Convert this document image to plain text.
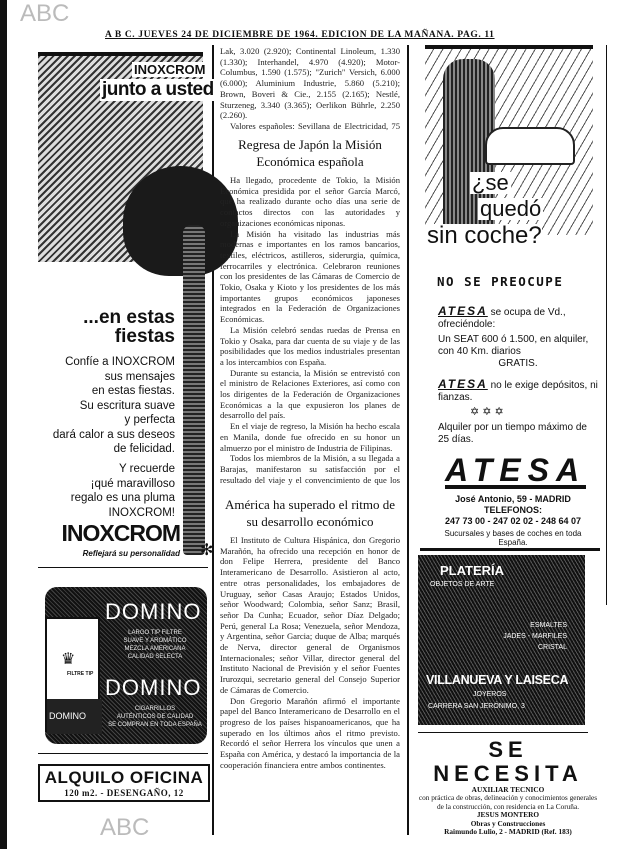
A B C. JUEVES 24 DE DICIEMBRE DE 1964. EDICION DE LA MAÑANA. PAG. 11
INOXCROM
junto a usted
...en estas fiestas
Confíe a INOXCROM
sus mensajes
en estas fiestas.
Su escritura suave
y perfecta
dará calor a sus deseos
de felicidad.
Y recuerde
¡qué maravilloso
regalo es una pluma
INOXCROM!
INOXCROM
Reflejará su personalidad ✻
♛
FILTRE TIP
DOMINO
DOMINO
LARGO TIP FILTRE
SUAVE Y AROMÁTICO
MEZCLA AMERICANA
CALIDAD SELECTA
DOMINO
CIGARRILLOS
AUTÉNTICOS DE CALIDAD
SE COMPRAN EN TODA ESPAÑA
ALQUILO OFICINA
120 m2. - DESENGAÑO, 12
Lak, 3.020 (2.920); Continental Linoleum, 1.330 (1.330); Interhandel, 4.970 (4.920); Motor-Columbus, 1.590 (1.575); "Zurich" Versich, 6.000 (6.000); Aluminium Industrie, 5.860 (5.210); Brown, Boveri & Cie., 2.155 (2.165); Nestlé, Sturzeneg, 3.340 (3.365); Oerlikon Bührle, 2.250 (2.260).

Valores españoles: Sevillana de Electricidad, 75

Regresa de Japón la Misión Económica española

Ha llegado, procedente de Tokio, la Misión Económica presidida por el señor García Marcó, que ha realizado durante ocho días una serie de contactos directos con las autoridades y organizaciones económicas niponas.

La Misión ha visitado las industrias más modernas e importantes en los ramos bancarios, textiles, eléctricos, astilleros, siderurgia, química, ferrocarriles y electrónica. Celebraron reuniones con los presidentes de las Cámaras de Comercio de Tokio, Osaka y Kioto y los presidentes de los más importantes grupos económicos japoneses integrados en la Federación de Organizaciones Económicas.

La Misión celebró sendas ruedas de Prensa en Tokio y Osaka, para dar cuenta de su viaje y de las posibilidades que los medios industriales presentan a los intercambios con España.

Durante su estancia, la Misión se entrevistó con el ministro de Relaciones Exteriores, así como con los dirigentes de la Federación de Organizaciones Económicas a la que expusieron los planes de desarrollo del país.

En el viaje de regreso, la Misión ha hecho escala en Manila, donde fue ofrecido en su honor un almuerzo por el ministro de Industria de Filipinas.

Todos los miembros de la Misión, a su llegada a Barajas, manifestaron su satisfacción por el resultado del viaje y el convencimiento de que los

América ha superado el ritmo de su desarrollo económico

El Instituto de Cultura Hispánica, don Gregorio Marañón, ha ofrecido una recepción en honor de don Felipe Herrera, presidente del Banco Interamericano de Desarrollo. Asistieron al acto, entre otras personalidades, los embajadores de Uruguay, señor Casas Araujo; Estados Unidos, señor Woodward; Colombia, señor Sanz; Brasil, señor Da Cunha; Ecuador, señor Díaz Delgado; Perú, general La Rosa; Venezuela, señor Mendoza, y Argentina, señor Garcia; duque de Alba; marqués de Nerva, director general de Organismos Internacionales; señor Villar, director general del Instituto Nacional de Previsión y el señor Fuentes Irurozqui, secretario general del Consejo Superior de Cámaras de Comercio.

Don Gregorio Marañón afirmó el importante papel del Banco Interamericano de Desarrollo en el progreso de los países hispanoamericanos, que ha superado en los últimos años el ritmo previsto. Recordó el señor Herrera los vínculos que unen a España con América, y destacó la importancia de la cooperación financiera entre ambos continentes.

¿se
quedó
sin coche?
NO SE PREOCUPE
ATESA se ocupa de Vd., ofreciéndole:
Un SEAT 600 ó 1.500, en alquiler, con 40 Km. diarios
GRATIS.
ATESA no le exige depósitos, ni fianzas.
✡ ✡ ✡
Alquiler por un tiempo máximo de 25 días.
ATESA
José Antonio, 59 - MADRID
TELEFONOS:
247 73 00 - 247 02 02 - 248 64 07
Sucursales y bases de coches en toda España.
PLATERÍA
OBJETOS DE ARTE
ESMALTES
JADES - MARFILES
CRISTAL
VILLANUEVA Y LAISECA
JOYEROS
CARRERA SAN JERÓNIMO, 3
SE NECESITA
AUXILIAR TECNICO
con práctica de obras, delineación y conocimientos generales de la construcción, con residencia en La Coruña.
JESUS MONTERO
Obras y Construcciones
Raimundo Lulio, 2 - MADRID (Ref. 183)
ABC
ABC
